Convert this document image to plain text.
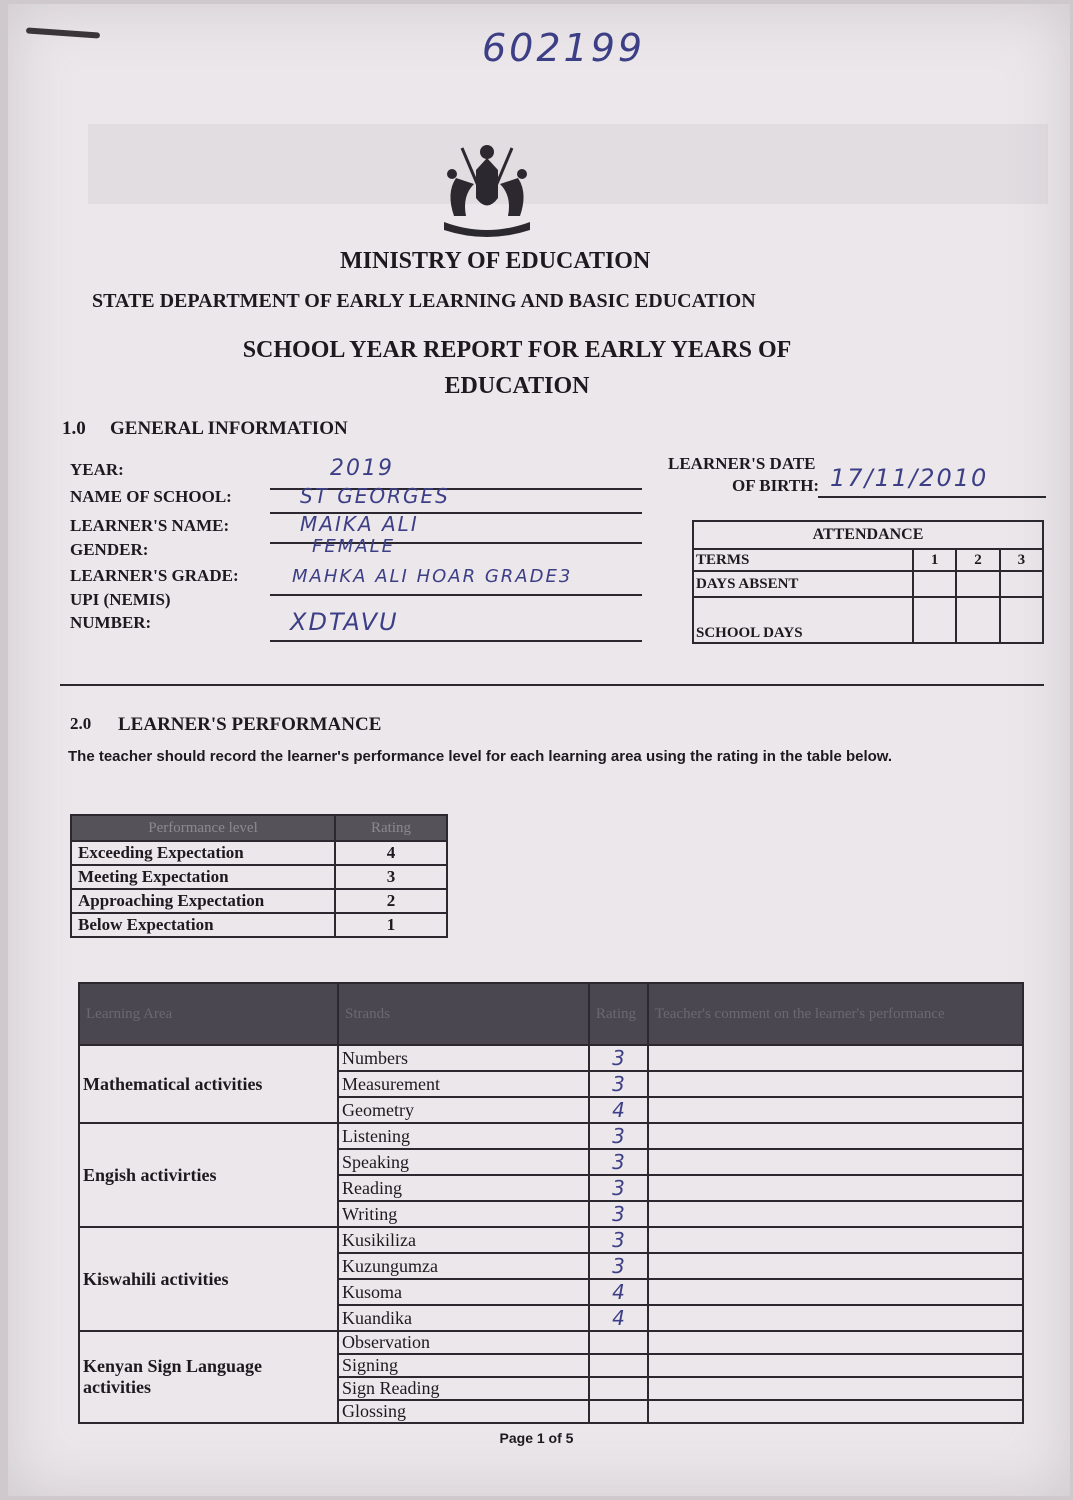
602199
MINISTRY OF EDUCATION
STATE DEPARTMENT OF EARLY LEARNING AND BASIC EDUCATION
SCHOOL YEAR REPORT FOR EARLY YEARS OF EDUCATION
1.0 GENERAL INFORMATION
YEAR:	2019
NAME OF SCHOOL:	ST GEORGES
LEARNER'S NAME:	MAIKA ALI
GENDER:	FEMALE
LEARNER'S GRADE:	MAHKA ALI HOAR GRADE3
UPI (NEMIS)
NUMBER:	XDTAVU
LEARNER'S DATE
OF BIRTH: 17/11/2010
ATTENDANCE			
TERMS	1	2	3
DAYS ABSENT			
SCHOOL DAYS			
2.0 LEARNER'S PERFORMANCE
The teacher should record the learner's performance level for each learning area using the rating in the table below.
Performance level	Rating
Exceeding Expectation	4
Meeting Expectation	3
Approaching Expectation	2
Below Expectation	1
Learning Area	Strands	Rating	Teacher's comment on the learner's performance
Mathematical activities	Numbers	3	
	Measurement	3	
	Geometry	4	
Engish activirties	Listening	3	
	Speaking	3	
	Reading	3	
	Writing	3	
Kiswahili activities	Kusikiliza	3	
	Kuzungumza	3	
	Kusoma	4	
	Kuandika	4	
Kenyan Sign Language activities	Observation		
	Signing		
	Sign Reading		
	Glossing		
Page 1 of 5
